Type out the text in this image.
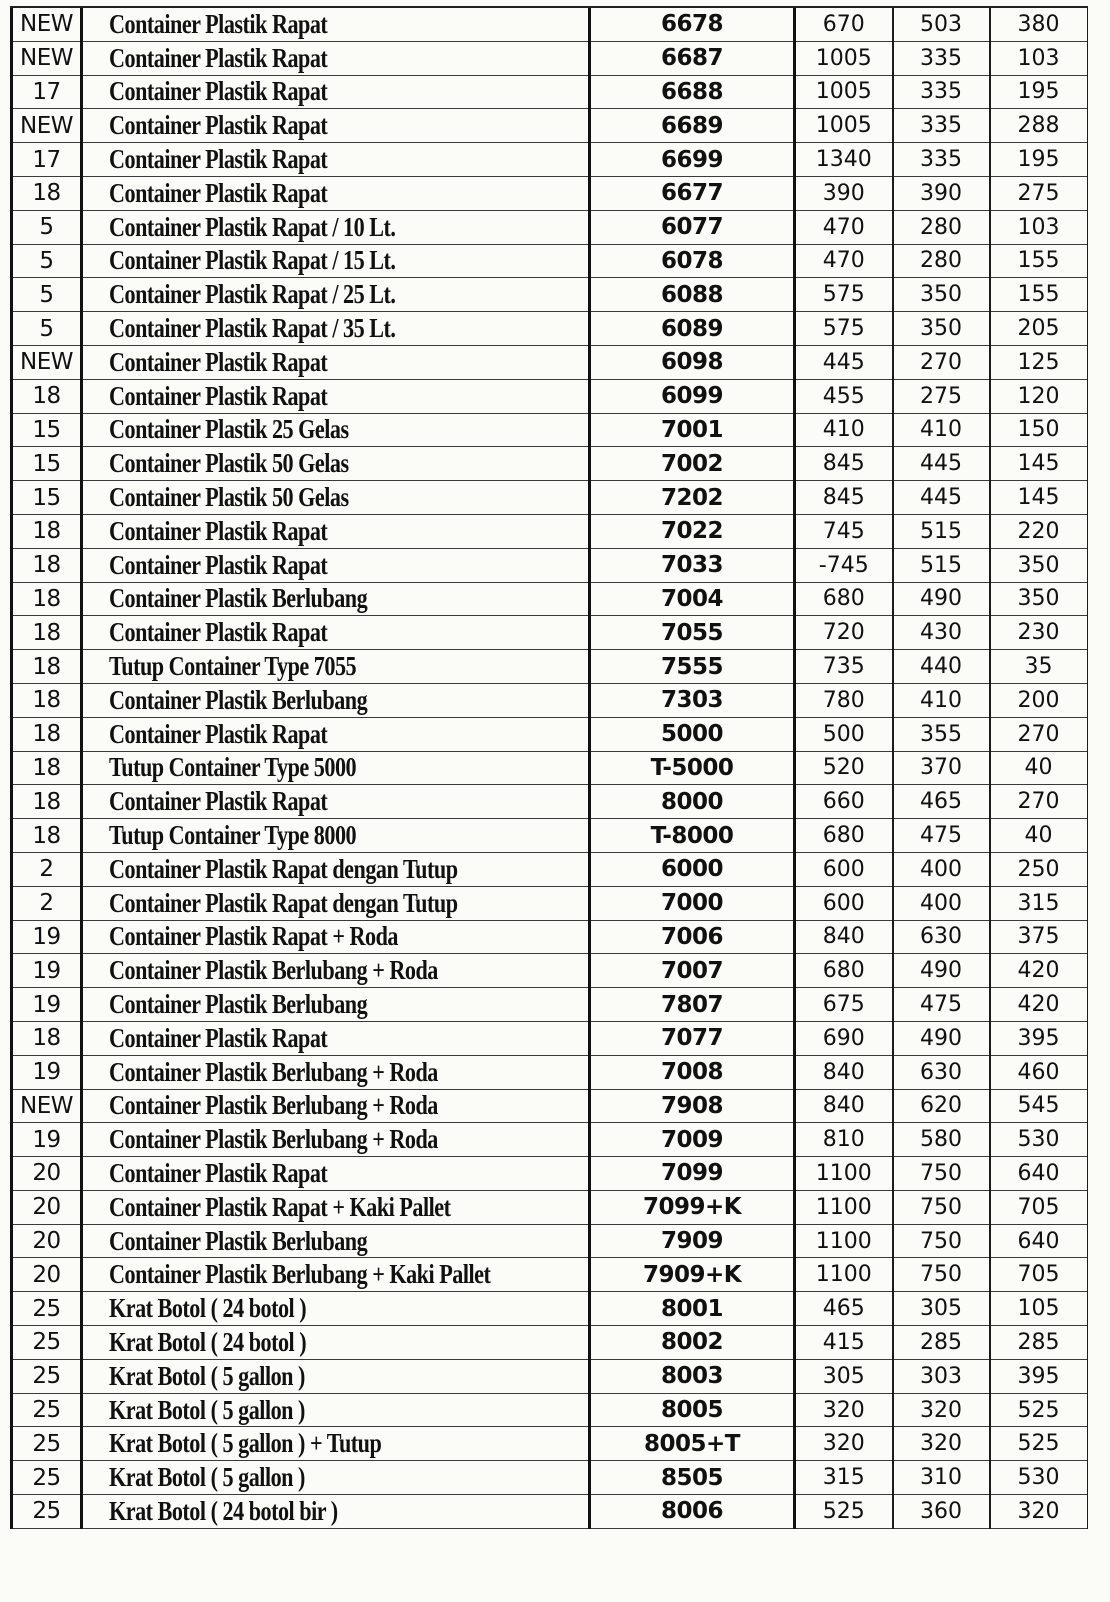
NEW	Container Plastik Rapat	6678	670	503	380
NEW	Container Plastik Rapat	6687	1005	335	103
17	Container Plastik Rapat	6688	1005	335	195
NEW	Container Plastik Rapat	6689	1005	335	288
17	Container Plastik Rapat	6699	1340	335	195
18	Container Plastik Rapat	6677	390	390	275
5	Container Plastik Rapat / 10 Lt.	6077	470	280	103
5	Container Plastik Rapat / 15 Lt.	6078	470	280	155
5	Container Plastik Rapat / 25 Lt.	6088	575	350	155
5	Container Plastik Rapat / 35 Lt.	6089	575	350	205
NEW	Container Plastik Rapat	6098	445	270	125
18	Container Plastik Rapat	6099	455	275	120
15	Container Plastik 25 Gelas	7001	410	410	150
15	Container Plastik 50 Gelas	7002	845	445	145
15	Container Plastik 50 Gelas	7202	845	445	145
18	Container Plastik Rapat	7022	745	515	220
18	Container Plastik Rapat	7033	-745	515	350
18	Container Plastik Berlubang	7004	680	490	350
18	Container Plastik Rapat	7055	720	430	230
18	Tutup Container Type 7055	7555	735	440	35
18	Container Plastik Berlubang	7303	780	410	200
18	Container Plastik Rapat	5000	500	355	270
18	Tutup Container Type 5000	T-5000	520	370	40
18	Container Plastik Rapat	8000	660	465	270
18	Tutup Container Type 8000	T-8000	680	475	40
2	Container Plastik Rapat dengan Tutup	6000	600	400	250
2	Container Plastik Rapat dengan Tutup	7000	600	400	315
19	Container Plastik Rapat + Roda	7006	840	630	375
19	Container Plastik Berlubang + Roda	7007	680	490	420
19	Container Plastik Berlubang	7807	675	475	420
18	Container Plastik Rapat	7077	690	490	395
19	Container Plastik Berlubang + Roda	7008	840	630	460
NEW	Container Plastik Berlubang + Roda	7908	840	620	545
19	Container Plastik Berlubang + Roda	7009	810	580	530
20	Container Plastik Rapat	7099	1100	750	640
20	Container Plastik Rapat + Kaki Pallet	7099+K	1100	750	705
20	Container Plastik Berlubang	7909	1100	750	640
20	Container Plastik Berlubang + Kaki Pallet	7909+K	1100	750	705
25	Krat Botol ( 24 botol )	8001	465	305	105
25	Krat Botol ( 24 botol )	8002	415	285	285
25	Krat Botol ( 5 gallon )	8003	305	303	395
25	Krat Botol ( 5 gallon )	8005	320	320	525
25	Krat Botol ( 5 gallon ) + Tutup	8005+T	320	320	525
25	Krat Botol ( 5 gallon )	8505	315	310	530
25	Krat Botol ( 24 botol bir )	8006	525	360	320
